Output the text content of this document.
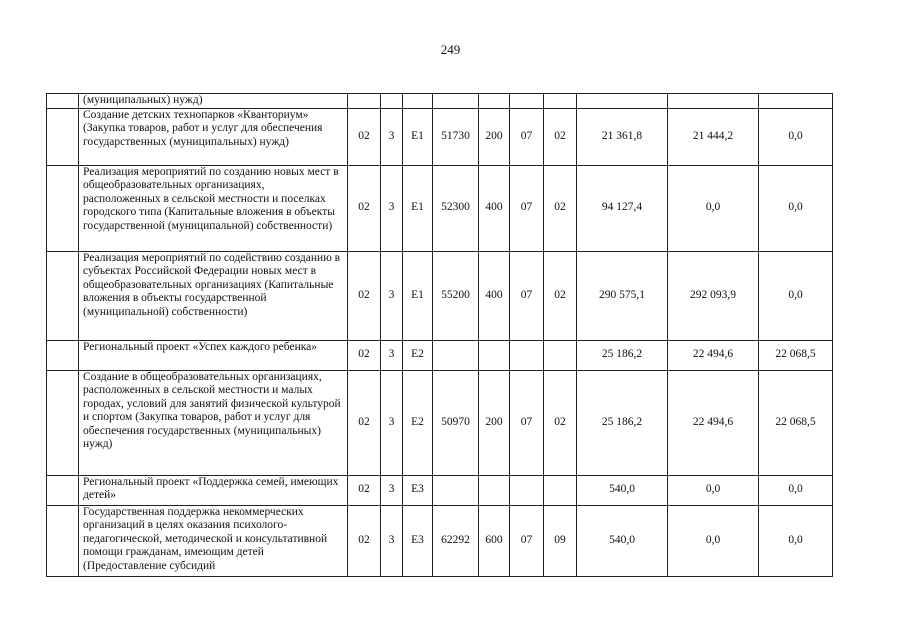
249
	(муниципальных) нужд)										
	Создание детских технопарков «Кванториум» (Закупка товаров, работ и услуг для обеспечения государственных (муниципальных) нужд)	02	3	E1	51730	200	07	02	21 361,8	21 444,2	0,0
	Реализация мероприятий по созданию новых мест в общеобразовательных организациях, расположенных в сельской местности и поселках городского типа (Капитальные вложения в объекты государственной (муниципальной) собственности)	02	3	E1	52300	400	07	02	94 127,4	0,0	0,0
	Реализация мероприятий по содействию созданию в субъектах Российской Федерации новых мест в общеобразовательных организациях (Капитальные вложения в объекты государственной (муниципальной) собственности)	02	3	E1	55200	400	07	02	290 575,1	292 093,9	0,0
	Региональный проект «Успех каждого ребенка»	02	3	E2					25 186,2	22 494,6	22 068,5
	Создание в общеобразовательных организациях, расположенных в сельской местности и малых городах, условий для занятий физической культурой и спортом (Закупка товаров, работ и услуг для обеспечения государственных (муниципальных) нужд)	02	3	E2	50970	200	07	02	25 186,2	22 494,6	22 068,5
	Региональный проект «Поддержка семей, имеющих детей»	02	3	E3					540,0	0,0	0,0
	Государственная поддержка некоммерческих организаций в целях оказания психолого-педагогической, методической и консультативной помощи гражданам, имеющим детей (Предоставление субсидий	02	3	E3	62292	600	07	09	540,0	0,0	0,0
